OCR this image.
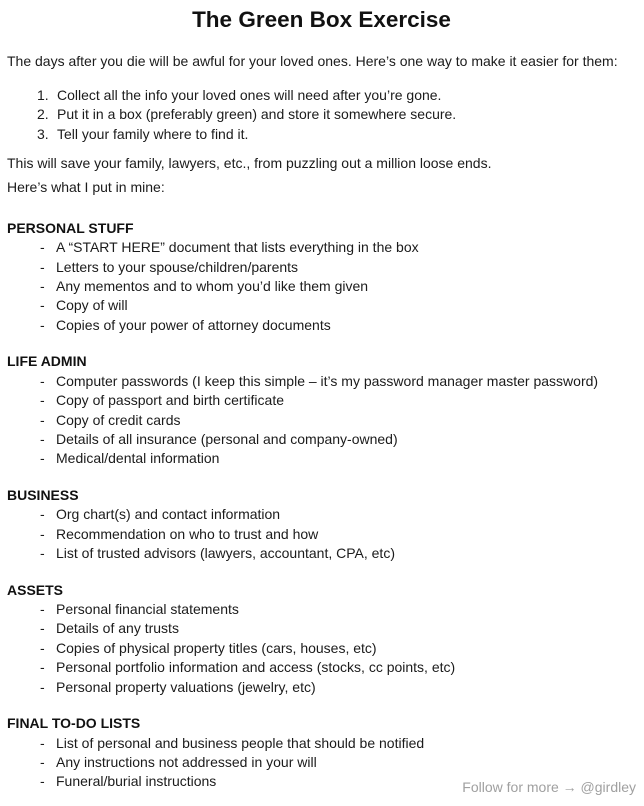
The Green Box Exercise

The days after you die will be awful for your loved ones. Here’s one way to make it easier for them:

1. Collect all the info your loved ones will need after you’re gone.
2. Put it in a box (preferably green) and store it somewhere secure.
3. Tell your family where to find it.

This will save your family, lawyers, etc., from puzzling out a million loose ends.

Here’s what I put in mine:

PERSONAL STUFF
- A “START HERE” document that lists everything in the box
- Letters to your spouse/children/parents
- Any mementos and to whom you’d like them given
- Copy of will
- Copies of your power of attorney documents
LIFE ADMIN
- Computer passwords (I keep this simple – it’s my password manager master password)
- Copy of passport and birth certificate
- Copy of credit cards
- Details of all insurance (personal and company-owned)
- Medical/dental information
BUSINESS
- Org chart(s) and contact information
- Recommendation on who to trust and how
- List of trusted advisors (lawyers, accountant, CPA, etc)
ASSETS
- Personal financial statements
- Details of any trusts
- Copies of physical property titles (cars, houses, etc)
- Personal portfolio information and access (stocks, cc points, etc)
- Personal property valuations (jewelry, etc)
FINAL TO-DO LISTS
- List of personal and business people that should be notified
- Any instructions not addressed in your will
- Funeral/burial instructions	Follow for more → @girdley
